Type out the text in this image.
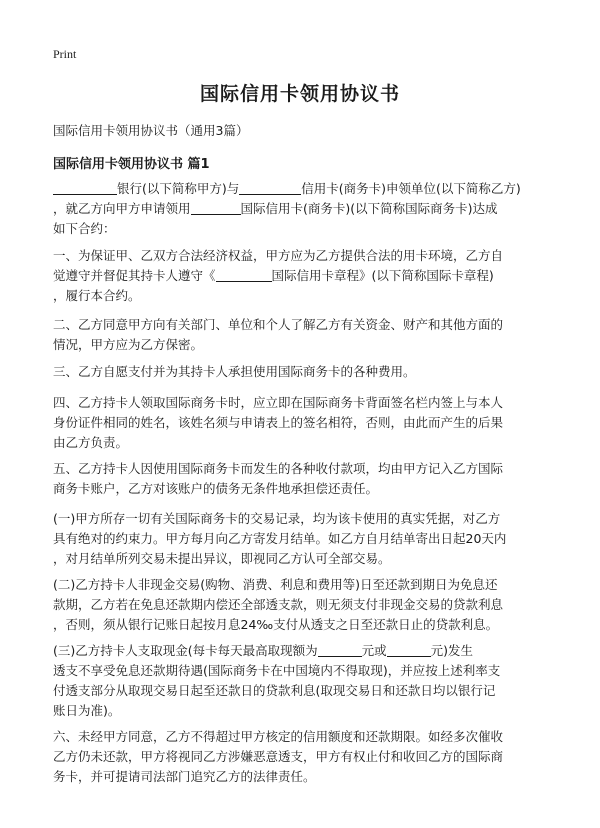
Print
国际信用卡领用协议书
国际信用卡领用协议书（通用3篇）
国际信用卡领用协议书 篇1
银行(以下简称甲方)与	信用卡(商务卡)申领单位(以下简称乙方)
，就乙方向甲方申请领用	国际信用卡(商务卡)(以下简称国际商务卡)达成
如下合约：
一、为保证甲、乙双方合法经济权益，甲方应为乙方提供合法的用卡环境，乙方自
觉遵守并督促其持卡人遵守《	国际信用卡章程》(以下简称国际卡章程)
，履行本合约。
二、乙方同意甲方向有关部门、单位和个人了解乙方有关资金、财产和其他方面的
情况，甲方应为乙方保密。
三、乙方自愿支付并为其持卡人承担使用国际商务卡的各种费用。
四、乙方持卡人领取国际商务卡时，应立即在国际商务卡背面签名栏内签上与本人
身份证件相同的姓名，该姓名须与申请表上的签名相符，否则，由此而产生的后果
由乙方负责。
五、乙方持卡人因使用国际商务卡而发生的各种收付款项，均由甲方记入乙方国际
商务卡账户，乙方对该账户的债务无条件地承担偿还责任。
(一)甲方所存一切有关国际商务卡的交易记录，均为该卡使用的真实凭据，对乙方
具有绝对的约束力。甲方每月向乙方寄发月结单。如乙方自月结单寄出日起20天内
，对月结单所列交易未提出异议，即视同乙方认可全部交易。
(二)乙方持卡人非现金交易(购物、消费、利息和费用等)日至还款到期日为免息还
款期，乙方若在免息还款期内偿还全部透支款，则无须支付非现金交易的贷款利息
，否则，须从银行记账日起按月息24‰支付从透支之日至还款日止的贷款利息。
(三)乙方持卡人支取现金(每卡每天最高取现额为	元或	元)发生
透支不享受免息还款期待遇(国际商务卡在中国境内不得取现)，并应按上述利率支
付透支部分从取现交易日起至还款日的贷款利息(取现交易日和还款日均以银行记
账日为准)。
六、未经甲方同意，乙方不得超过甲方核定的信用额度和还款期限。如经多次催收
乙方仍未还款，甲方将视同乙方涉嫌恶意透支，甲方有权止付和收回乙方的国际商
务卡，并可提请司法部门追究乙方的法律责任。
